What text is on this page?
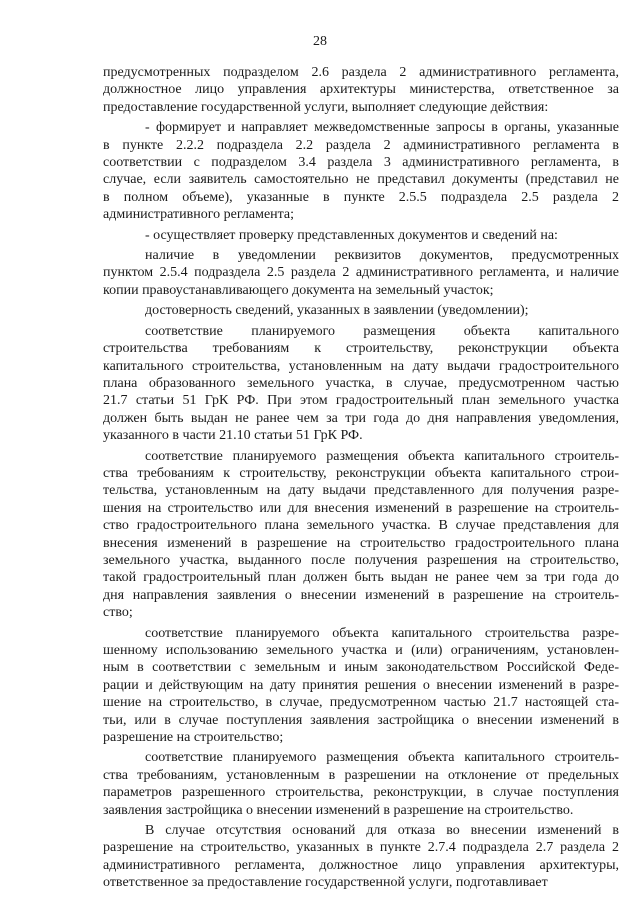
28
предусмотренных подразделом 2.6 раздела 2 административного регламента,
должностное лицо управления архитектуры министерства, ответственное за
предоставление государственной услуги, выполняет следующие действия:
- формирует и направляет межведомственные запросы в органы, указанные
в пункте 2.2.2 подраздела 2.2 раздела 2 административного регламента в
соответствии с подразделом 3.4 раздела 3 административного регламента, в
случае, если заявитель самостоятельно не представил документы (представил не
в полном объеме), указанные в пункте 2.5.5 подраздела 2.5 раздела 2
административного регламента;
- осуществляет проверку представленных документов и сведений на:
наличие в уведомлении реквизитов документов, предусмотренных
пунктом 2.5.4 подраздела 2.5 раздела 2 административного регламента, и наличие
копии правоустанавливающего документа на земельный участок;
достоверность сведений, указанных в заявлении (уведомлении);
соответствие планируемого размещения объекта капитального
строительства требованиям к строительству, реконструкции объекта
капитального строительства, установленным на дату выдачи градостроительного
плана образованного земельного участка, в случае, предусмотренном частью
21.7 статьи 51 ГрК РФ. При этом градостроительный план земельного участка
должен быть выдан не ранее чем за три года до дня направления уведомления,
указанного в части 21.10 статьи 51 ГрК РФ.
соответствие планируемого размещения объекта капитального строитель-
ства требованиям к строительству, реконструкции объекта капитального строи-
тельства, установленным на дату выдачи представленного для получения разре-
шения на строительство или для внесения изменений в разрешение на строитель-
ство градостроительного плана земельного участка. В случае представления для
внесения изменений в разрешение на строительство градостроительного плана
земельного участка, выданного после получения разрешения на строительство,
такой градостроительный план должен быть выдан не ранее чем за три года до
дня направления заявления о внесении изменений в разрешение на строитель-
ство;
соответствие планируемого объекта капитального строительства разре-
шенному использованию земельного участка и (или) ограничениям, установлен-
ным в соответствии с земельным и иным законодательством Российской Феде-
рации и действующим на дату принятия решения о внесении изменений в разре-
шение на строительство, в случае, предусмотренном частью 21.7 настоящей ста-
тьи, или в случае поступления заявления застройщика о внесении изменений в
разрешение на строительство;
соответствие планируемого размещения объекта капитального строитель-
ства требованиям, установленным в разрешении на отклонение от предельных
параметров разрешенного строительства, реконструкции, в случае поступления
заявления застройщика о внесении изменений в разрешение на строительство.
В случае отсутствия оснований для отказа во внесении изменений в
разрешение на строительство, указанных в пункте 2.7.4 подраздела 2.7 раздела 2
административного регламента, должностное лицо управления архитектуры,
ответственное за предоставление государственной услуги, подготавливает
